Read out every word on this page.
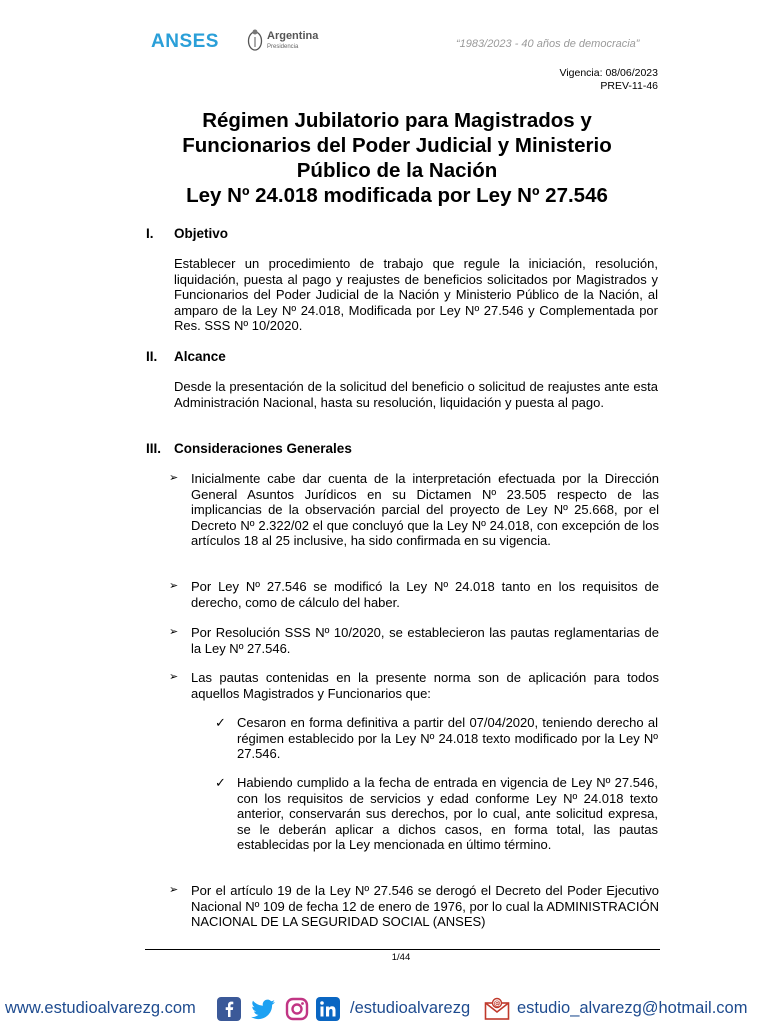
ANSES	Argentina
Presidencia	“1983/2023 - 40 años de democracia”
Vigencia: 08/06/2023
PREV-11-46
Régimen Jubilatorio para Magistrados y
Funcionarios del Poder Judicial y Ministerio
Público de la Nación
Ley Nº 24.018 modificada por Ley Nº 27.546
I. Objetivo
Establecer un procedimiento de trabajo que regule la iniciación, resolución, liquidación, puesta al pago y reajustes de beneficios solicitados por Magistrados y Funcionarios del Poder Judicial de la Nación y Ministerio Público de la Nación, al amparo de la Ley Nº 24.018, Modificada por Ley Nº 27.546 y Complementada por Res. SSS Nº 10/2020.
II. Alcance
Desde la presentación de la solicitud del beneficio o solicitud de reajustes ante esta Administración Nacional, hasta su resolución, liquidación y puesta al pago.
III. Consideraciones Generales
➢ Inicialmente cabe dar cuenta de la interpretación efectuada por la Dirección General Asuntos Jurídicos en su Dictamen Nº 23.505 respecto de las implicancias de la observación parcial del proyecto de Ley Nº 25.668, por el Decreto Nº 2.322/02 el que concluyó que la Ley Nº 24.018, con excepción de los artículos 18 al 25 inclusive, ha sido confirmada en su vigencia.
➢ Por Ley Nº 27.546 se modificó la Ley Nº 24.018 tanto en los requisitos de derecho, como de cálculo del haber.
➢ Por Resolución SSS Nº 10/2020, se establecieron las pautas reglamentarias de la Ley Nº 27.546.
➢ Las pautas contenidas en la presente norma son de aplicación para todos aquellos Magistrados y Funcionarios que:
✓ Cesaron en forma definitiva a partir del 07/04/2020, teniendo derecho al régimen establecido por la Ley Nº 24.018 texto modificado por la Ley Nº 27.546.
✓ Habiendo cumplido a la fecha de entrada en vigencia de Ley Nº 27.546, con los requisitos de servicios y edad conforme Ley Nº 24.018 texto anterior, conservarán sus derechos, por lo cual, ante solicitud expresa, se le deberán aplicar a dichos casos, en forma total, las pautas establecidas por la Ley mencionada en último término.
➢ Por el artículo 19 de la Ley Nº 27.546 se derogó el Decreto del Poder Ejecutivo Nacional Nº 109 de fecha 12 de enero de 1976, por lo cual la ADMINISTRACIÓN NACIONAL DE LA SEGURIDAD SOCIAL (ANSES)
1/44
www.estudioalvarezg.com	/estudioalvarezg	@ estudio_alvarezg@hotmail.com
